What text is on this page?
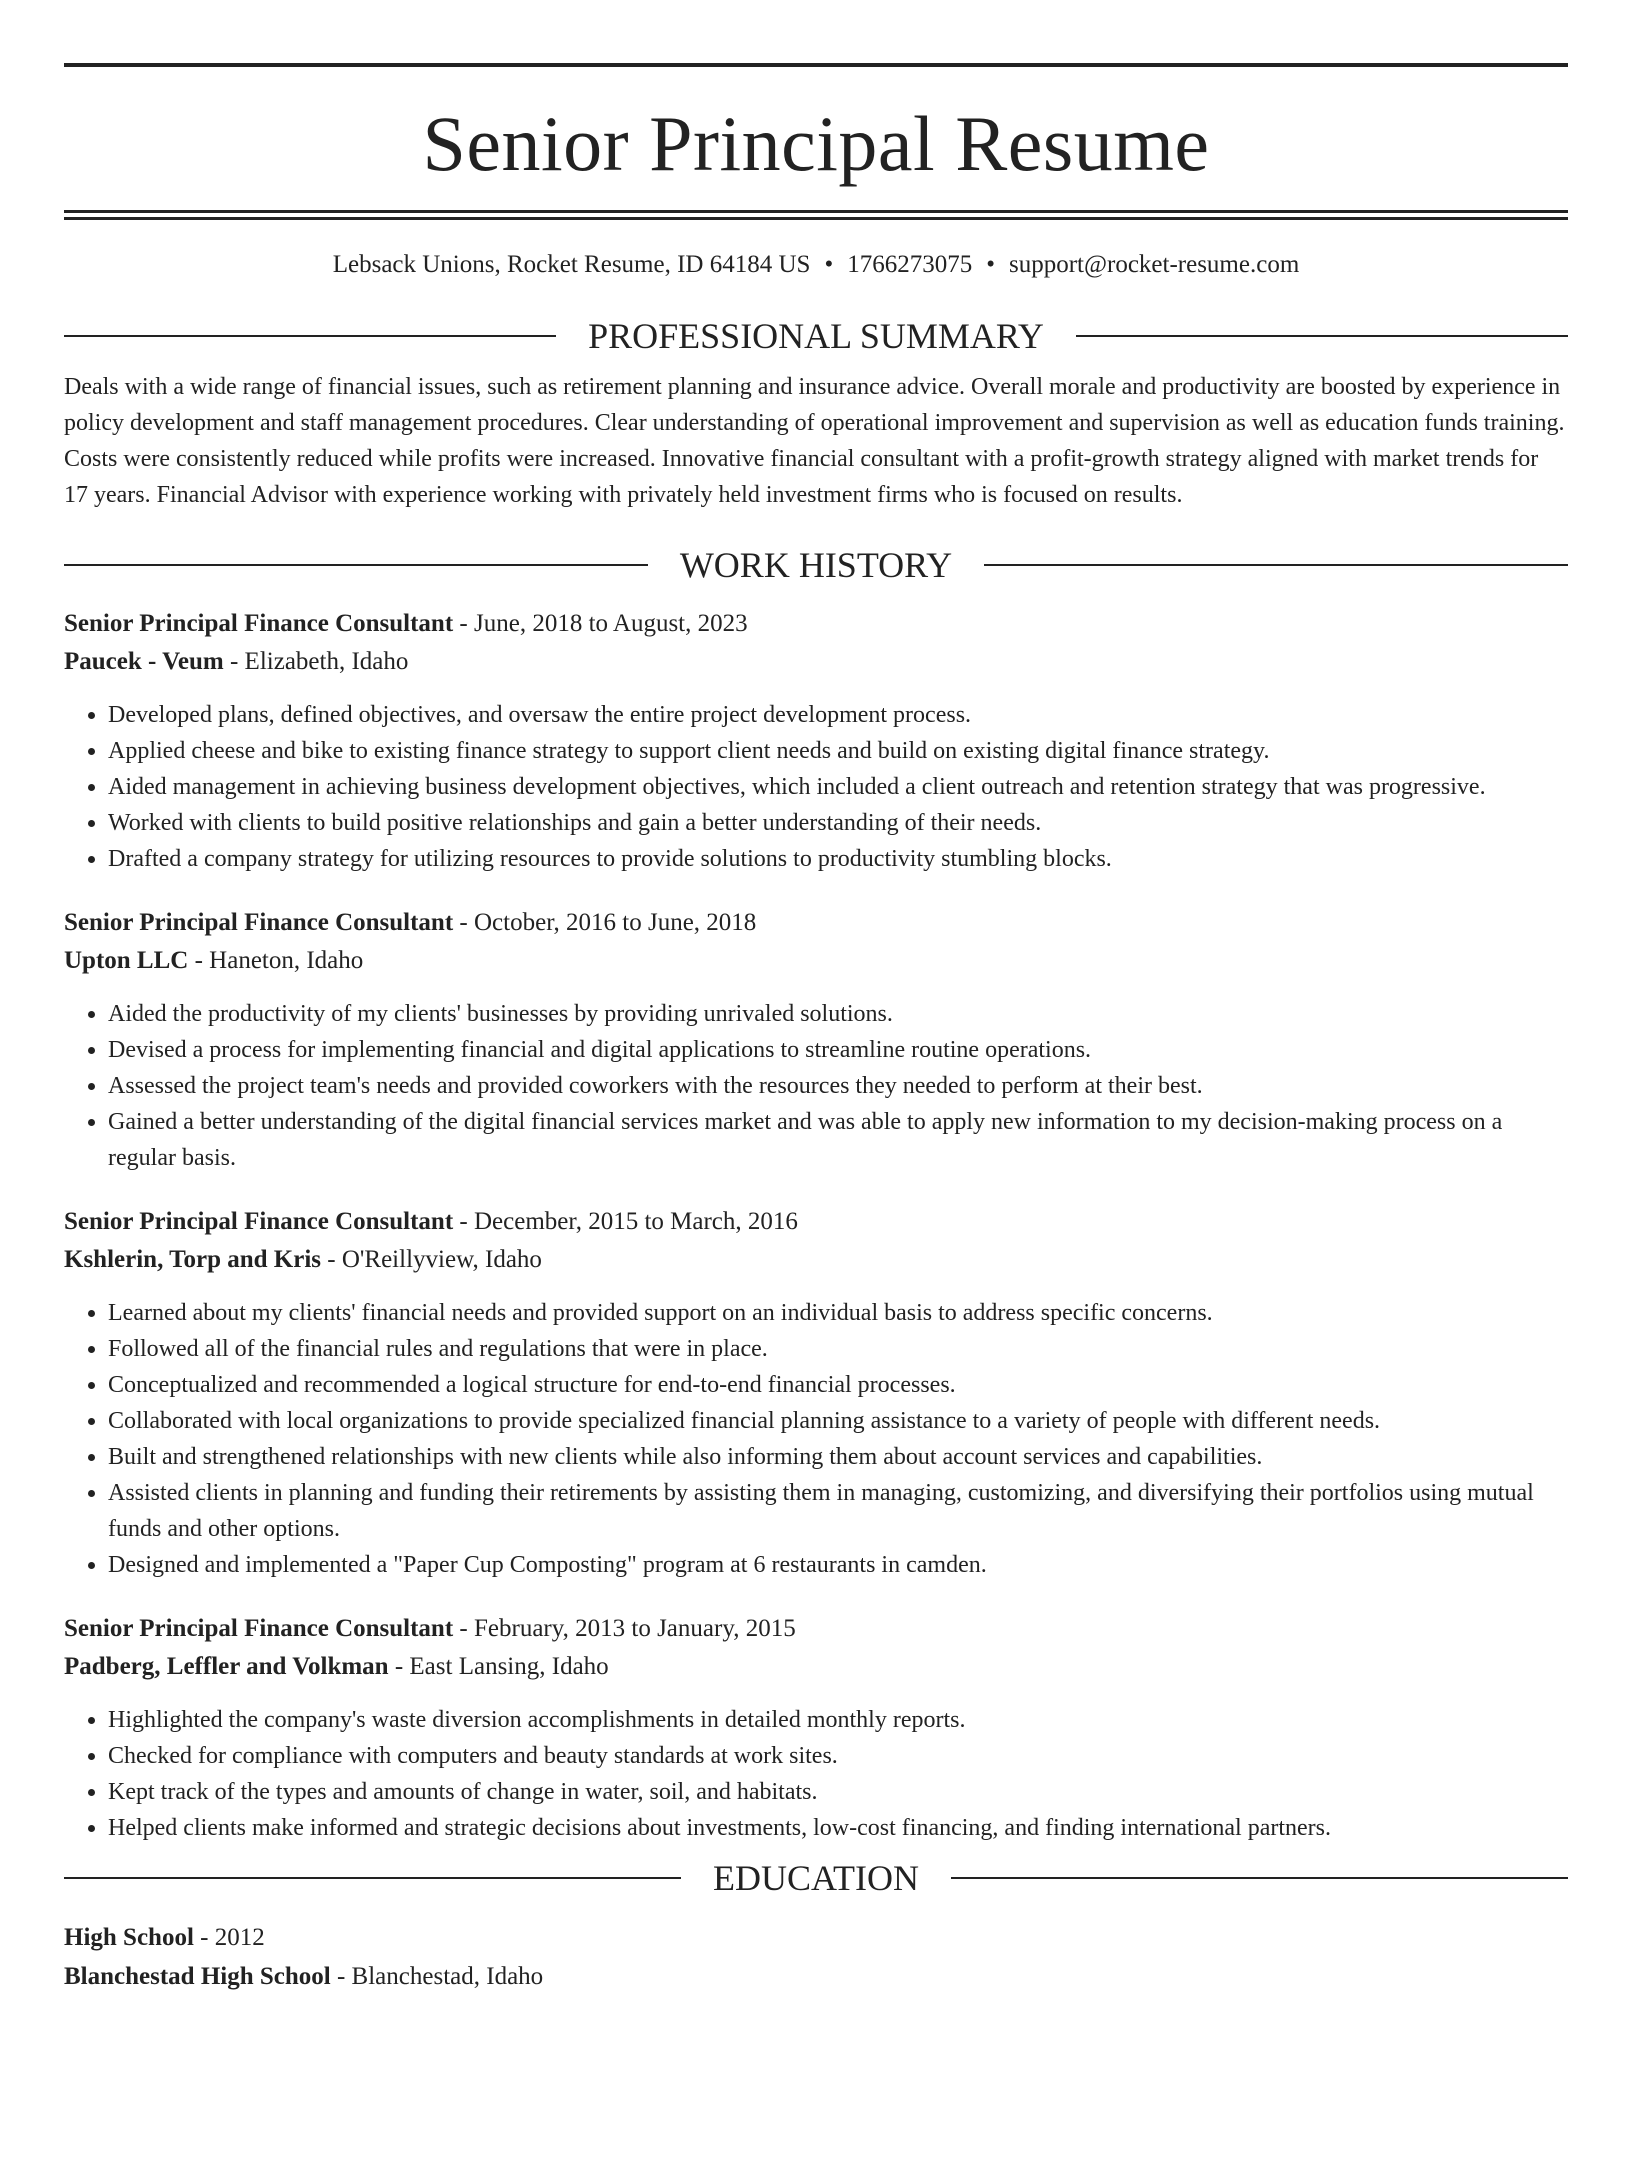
Senior Principal Resume
Lebsack Unions, Rocket Resume, ID 64184 US • 1766273075 • support@rocket-resume.com
PROFESSIONAL SUMMARY
Deals with a wide range of financial issues, such as retirement planning and insurance advice. Overall morale and productivity are boosted by experience in policy development and staff management procedures. Clear understanding of operational improvement and supervision as well as education funds training. Costs were consistently reduced while profits were increased. Innovative financial consultant with a profit-growth strategy aligned with market trends for 17 years. Financial Advisor with experience working with privately held investment firms who is focused on results.
WORK HISTORY
Senior Principal Finance Consultant - June, 2018 to August, 2023
Paucek - Veum - Elizabeth, Idaho
• Developed plans, defined objectives, and oversaw the entire project development process.
• Applied cheese and bike to existing finance strategy to support client needs and build on existing digital finance strategy.
• Aided management in achieving business development objectives, which included a client outreach and retention strategy that was progressive.
• Worked with clients to build positive relationships and gain a better understanding of their needs.
• Drafted a company strategy for utilizing resources to provide solutions to productivity stumbling blocks.
Senior Principal Finance Consultant - October, 2016 to June, 2018
Upton LLC - Haneton, Idaho
• Aided the productivity of my clients' businesses by providing unrivaled solutions.
• Devised a process for implementing financial and digital applications to streamline routine operations.
• Assessed the project team's needs and provided coworkers with the resources they needed to perform at their best.
• Gained a better understanding of the digital financial services market and was able to apply new information to my decision-making process on a regular basis.
Senior Principal Finance Consultant - December, 2015 to March, 2016
Kshlerin, Torp and Kris - O'Reillyview, Idaho
• Learned about my clients' financial needs and provided support on an individual basis to address specific concerns.
• Followed all of the financial rules and regulations that were in place.
• Conceptualized and recommended a logical structure for end-to-end financial processes.
• Collaborated with local organizations to provide specialized financial planning assistance to a variety of people with different needs.
• Built and strengthened relationships with new clients while also informing them about account services and capabilities.
• Assisted clients in planning and funding their retirements by assisting them in managing, customizing, and diversifying their portfolios using mutual funds and other options.
• Designed and implemented a "Paper Cup Composting" program at 6 restaurants in camden.
Senior Principal Finance Consultant - February, 2013 to January, 2015
Padberg, Leffler and Volkman - East Lansing, Idaho
• Highlighted the company's waste diversion accomplishments in detailed monthly reports.
• Checked for compliance with computers and beauty standards at work sites.
• Kept track of the types and amounts of change in water, soil, and habitats.
• Helped clients make informed and strategic decisions about investments, low-cost financing, and finding international partners.
EDUCATION
High School - 2012
Blanchestad High School - Blanchestad, Idaho
